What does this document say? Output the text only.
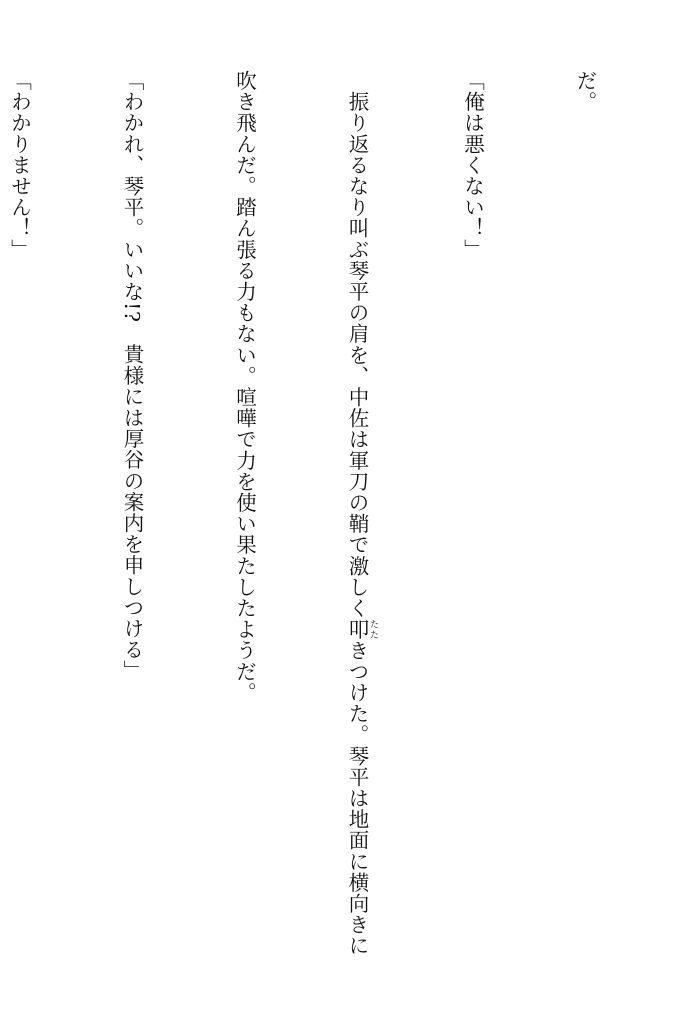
だ。

「俺は悪くない！」

　振り返るなり叫ぶ琴平の肩を、中佐は軍刀の鞘で激しく叩 たたきつけた。琴平は地面に横向きに

吹き飛んだ。踏ん張る力もない。喧嘩で力を使い果たしたようだ。

「わかれ、琴平。いいな!?　貴様には厚谷の案内を申しつける」

「わかりません！」
